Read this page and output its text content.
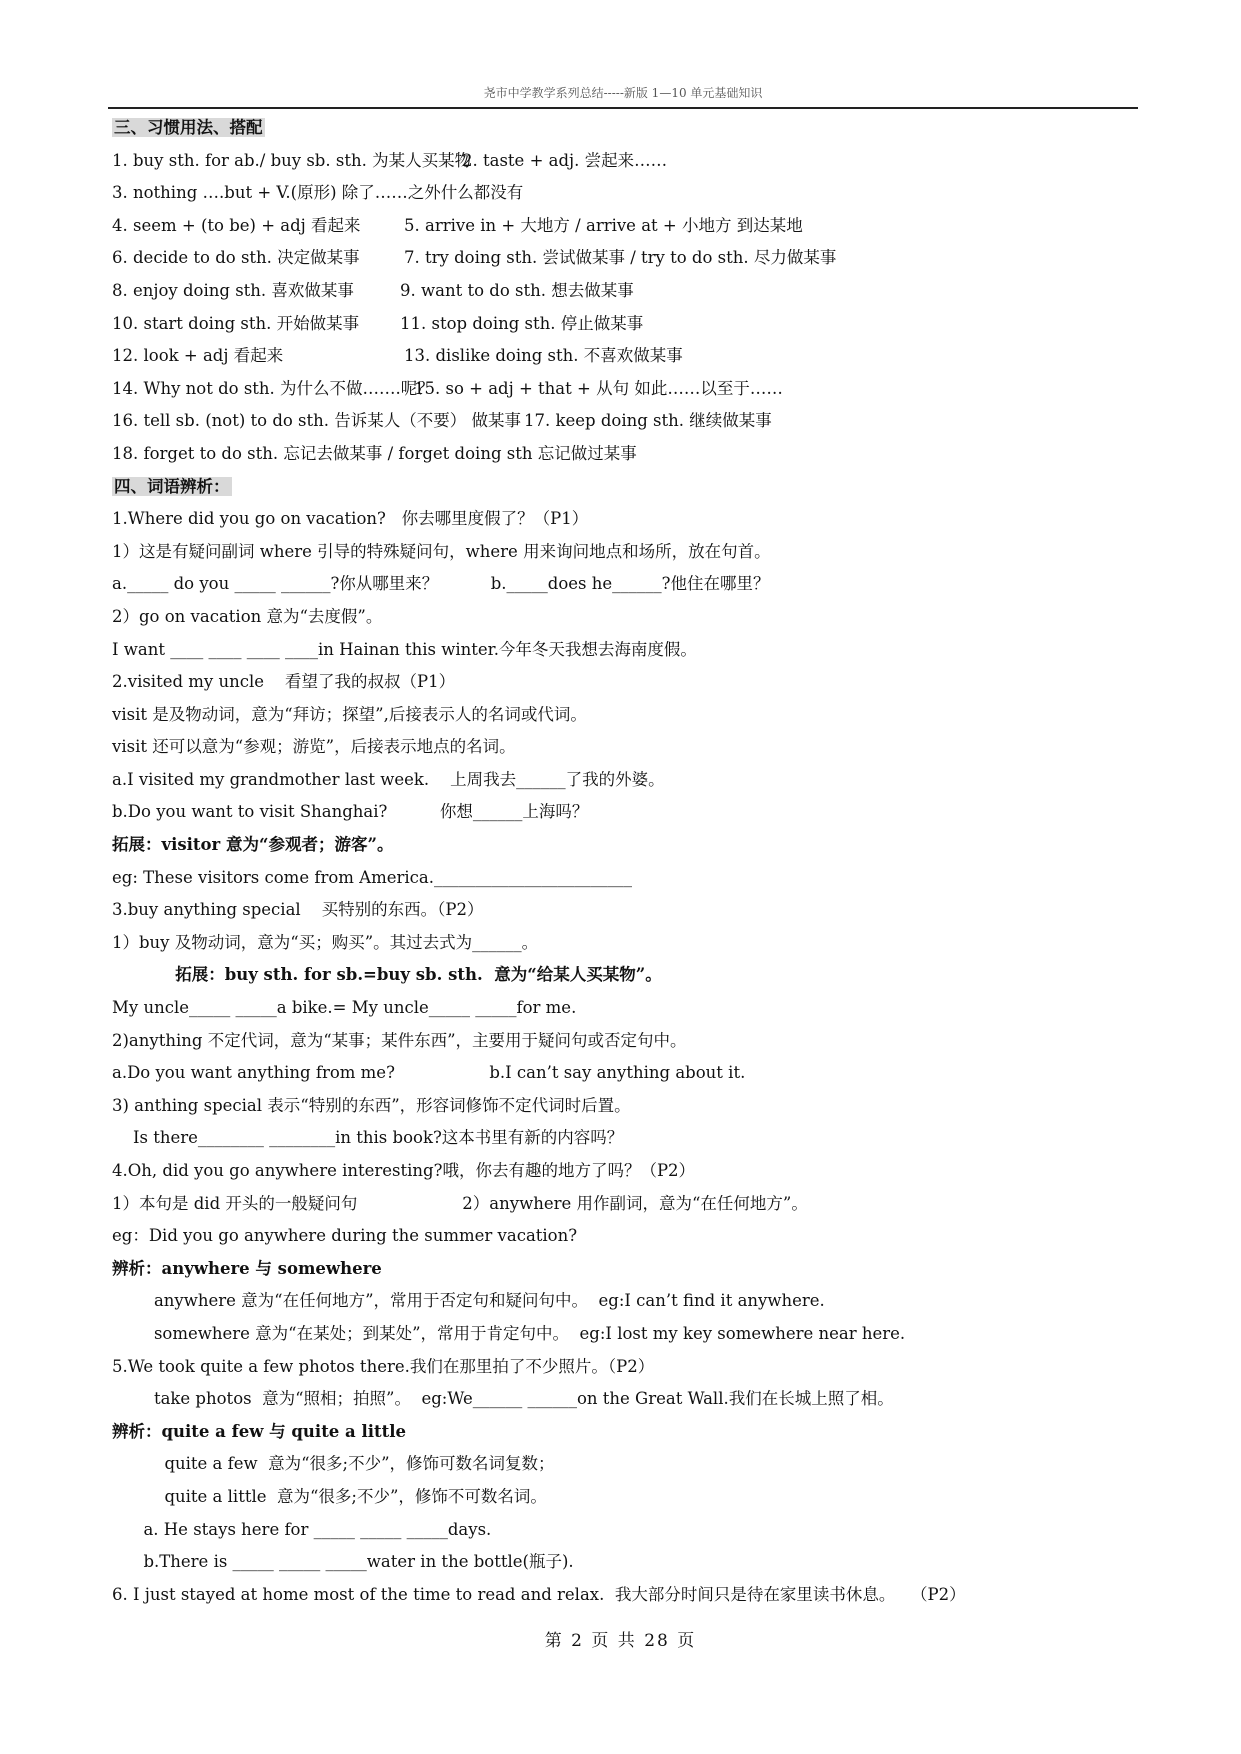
尧市中学教学系列总结-----新版 1—10 单元基础知识
三、习惯用法、搭配
1. buy sth. for ab./ buy sb. sth. 为某人买某物
2. taste + adj. 尝起来……
3. nothing ….but + V.(原形) 除了……之外什么都没有
4. seem + (to be) + adj 看起来	5. arrive in + 大地方 / arrive at + 小地方 到达某地
6. decide to do sth. 决定做某事	7. try doing sth. 尝试做某事 / try to do sth. 尽力做某事
8. enjoy doing sth. 喜欢做某事	9. want to do sth. 想去做某事
10. start doing sth. 开始做某事 11. stop doing sth. 停止做某事
12. look + adj 看起来	13. dislike doing sth. 不喜欢做某事
14. Why not do sth. 为什么不做…….呢？
15. so + adj + that + 从句 如此……以至于……
16. tell sb. (not) to do sth. 告诉某人（不要） 做某事 17. keep doing sth. 继续做某事
18. forget to do sth. 忘记去做某事 / forget doing sth 忘记做过某事
四、词语辨析：
1.Where did you go on vacation?   你去哪里度假了？（P1）
1）这是有疑问副词 where 引导的特殊疑问句，where 用来询问地点和场所，放在句首。
a._____ do you _____ ______?你从哪里来？          b._____does he______?他住在哪里？
2）go on vacation 意为“去度假”。
I want ____ ____ ____ ____in Hainan this winter.今年冬天我想去海南度假。
2.visited my uncle    看望了我的叔叔（P1）
visit 是及物动词，意为“拜访；探望”,后接表示人的名词或代词。
visit 还可以意为“参观；游览”，后接表示地点的名词。
a.I visited my grandmother last week.    上周我去______了我的外婆。
b.Do you want to visit Shanghai?          你想______上海吗？
拓展：visitor 意为“参观者；游客”。
eg: These visitors come from America.________________________
3.buy anything special    买特别的东西。（P2）
1）buy 及物动词，意为“买；购买”。其过去式为______。
拓展：buy sth. for sb.=buy sb. sth.  意为“给某人买某物”。
My uncle_____ _____a bike.= My uncle_____ _____for me.
2)anything 不定代词，意为“某事；某件东西”，主要用于疑问句或否定句中。
a.Do you want anything from me?                  b.I can’t say anything about it.
3) anthing special 表示“特别的东西”，形容词修饰不定代词时后置。
Is there________ ________in this book?这本书里有新的内容吗？
4.Oh, did you go anywhere interesting?哦，你去有趣的地方了吗？（P2）
1）本句是 did 开头的一般疑问句                    2）anywhere 用作副词，意为“在任何地方”。
eg：Did you go anywhere during the summer vacation?
辨析：anywhere 与 somewhere
anywhere 意为“在任何地方”，常用于否定句和疑问句中。  eg:I can’t find it anywhere.
somewhere 意为“在某处；到某处”，常用于肯定句中。  eg:I lost my key somewhere near here.
5.We took quite a few photos there.我们在那里拍了不少照片。（P2）
take photos  意为“照相；拍照”。  eg:We______ ______on the Great Wall.我们在长城上照了相。
辨析：quite a few 与 quite a little
quite a few  意为“很多;不少”，修饰可数名词复数；
quite a little  意为“很多;不少”，修饰不可数名词。
a. He stays here for _____ _____ _____days.
b.There is _____ _____ _____water in the bottle(瓶子).
6. I just stayed at home most of the time to read and relax.  我大部分时间只是待在家里读书休息。   （P2）
第 2 页 共 28 页
